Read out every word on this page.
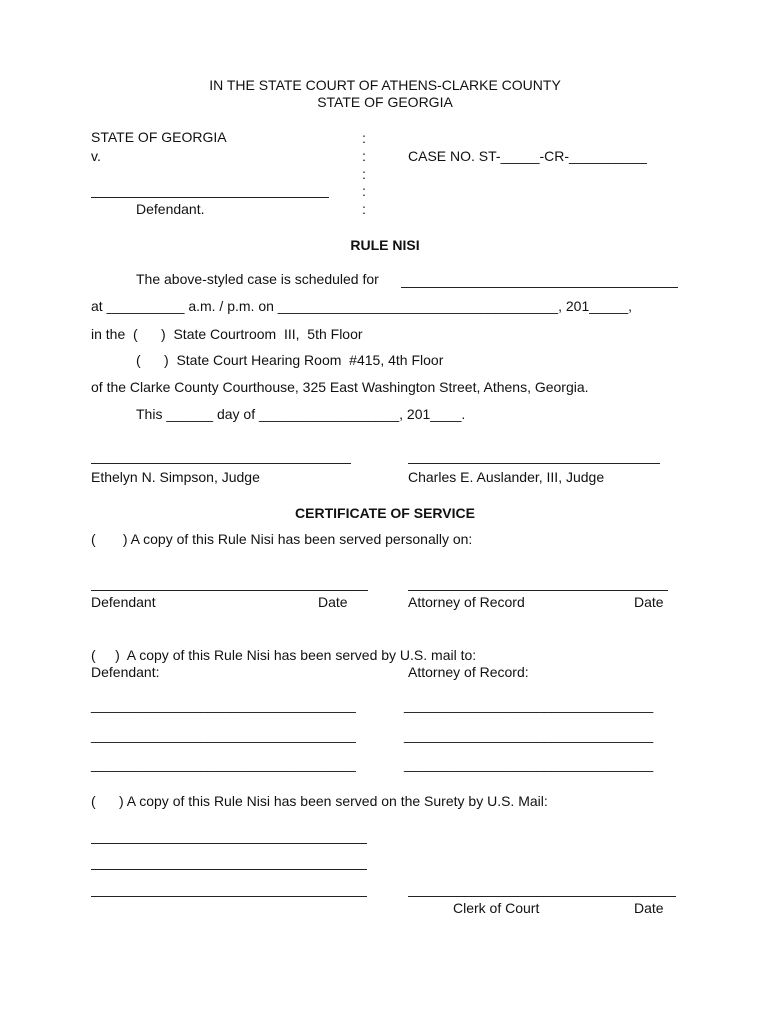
IN THE STATE COURT OF ATHENS-CLARKE COUNTY
STATE OF GEORGIA
STATE OF GEORGIA
v.
:
:
:
:
:
CASE NO. ST-_____-CR-__________
Defendant.
RULE NISI
The above-styled case is scheduled for
at __________ a.m. / p.m. on ____________________________________, 201_____,
in the  (      )  State Courtroom  III,  5th Floor
(      )  State Court Hearing Room  #415, 4th Floor
of the Clarke County Courthouse, 325 East Washington Street, Athens, Georgia.
This ______ day of __________________, 201____.
Ethelyn N. Simpson, Judge	Charles E. Auslander, III, Judge
CERTIFICATE OF SERVICE
(       ) A copy of this Rule Nisi has been served personally on:
Defendant	Date	Attorney of Record	Date
(     )  A copy of this Rule Nisi has been served by U.S. mail to:
Defendant:	Attorney of Record:
__________________________________	________________________________
__________________________________	________________________________
__________________________________	________________________________
(      ) A copy of this Rule Nisi has been served on the Surety by U.S. Mail:
Clerk of Court	Date
